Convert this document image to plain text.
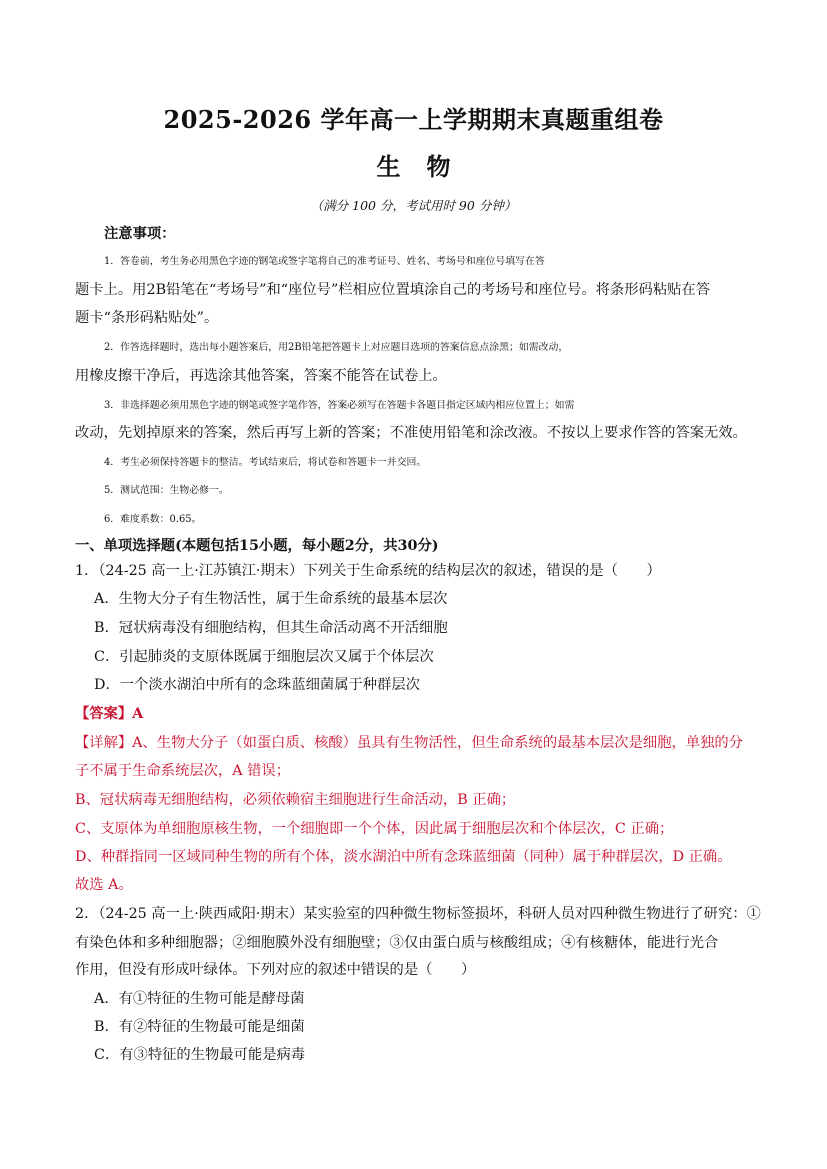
2025-2026 学年高一上学期期末真题重组卷
生物
（满分 100 分，考试用时 90 分钟）
注意事项：
1．答卷前，考生务必用黑色字迹的钢笔或签字笔将自己的准考证号、姓名、考场号和座位号填写在答
题卡上。用2B铅笔在“考场号”和“座位号”栏相应位置填涂自己的考场号和座位号。将条形码粘贴在答
题卡“条形码粘贴处”。
2．作答选择题时，选出每小题答案后，用2B铅笔把答题卡上对应题目选项的答案信息点涂黑；如需改动，
用橡皮擦干净后，再选涂其他答案，答案不能答在试卷上。
3．非选择题必须用黑色字迹的钢笔或签字笔作答，答案必须写在答题卡各题目指定区域内相应位置上；如需
改动，先划掉原来的答案，然后再写上新的答案；不准使用铅笔和涂改液。不按以上要求作答的答案无效。
4．考生必须保持答题卡的整洁。考试结束后，将试卷和答题卡一并交回。
5．测试范围：生物必修一。
6．难度系数：0.65。
一、单项选择题(本题包括15小题，每小题2分，共30分)
1．（24-25 高一上·江苏镇江·期末）下列关于生命系统的结构层次的叙述，错误的是（　　）
A．生物大分子有生物活性，属于生命系统的最基本层次
B．冠状病毒没有细胞结构，但其生命活动离不开活细胞
C．引起肺炎的支原体既属于细胞层次又属于个体层次
D．一个淡水湖泊中所有的念珠蓝细菌属于种群层次
【答案】A
【详解】A、生物大分子（如蛋白质、核酸）虽具有生物活性，但生命系统的最基本层次是细胞，单独的分
子不属于生命系统层次，A 错误；
B、冠状病毒无细胞结构，必须依赖宿主细胞进行生命活动，B 正确；
C、支原体为单细胞原核生物，一个细胞即一个个体，因此属于细胞层次和个体层次，C 正确；
D、种群指同一区域同种生物的所有个体，淡水湖泊中所有念珠蓝细菌（同种）属于种群层次，D 正确。
故选 A。
2．（24-25 高一上·陕西咸阳·期末）某实验室的四种微生物标签损坏，科研人员对四种微生物进行了研究：①
有染色体和多种细胞器；②细胞膜外没有细胞壁；③仅由蛋白质与核酸组成；④有核糖体，能进行光合
作用，但没有形成叶绿体。下列对应的叙述中错误的是（　　）
A．有①特征的生物可能是酵母菌
B．有②特征的生物最可能是细菌
C．有③特征的生物最可能是病毒
